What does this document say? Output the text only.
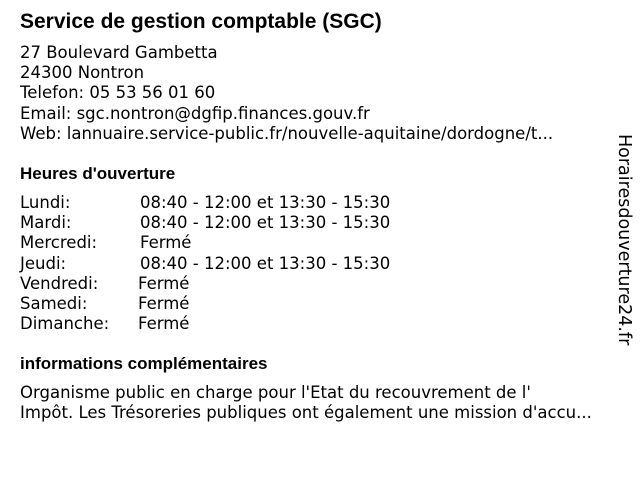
Service de gestion comptable (SGC)
27 Boulevard Gambetta
24300 Nontron
Telefon: 05 53 56 01 60
Email: sgc.nontron@dgfip.finances.gouv.fr
Web: lannuaire.service-public.fr/nouvelle-aquitaine/dordogne/t...
Heures d'ouverture
Lundi:	08:40 - 12:00 et 13:30 - 15:30
Mardi:	08:40 - 12:00 et 13:30 - 15:30
Mercredi:	Fermé
Jeudi:	08:40 - 12:00 et 13:30 - 15:30
Vendredi: Fermé
Samedi:	Fermé
Dimanche: Fermé
informations complémentaires
Organisme public en charge pour l'Etat du recouvrement de l'
Impôt. Les Trésoreries publiques ont également une mission d'accu...
Horairesdouverture24.fr
